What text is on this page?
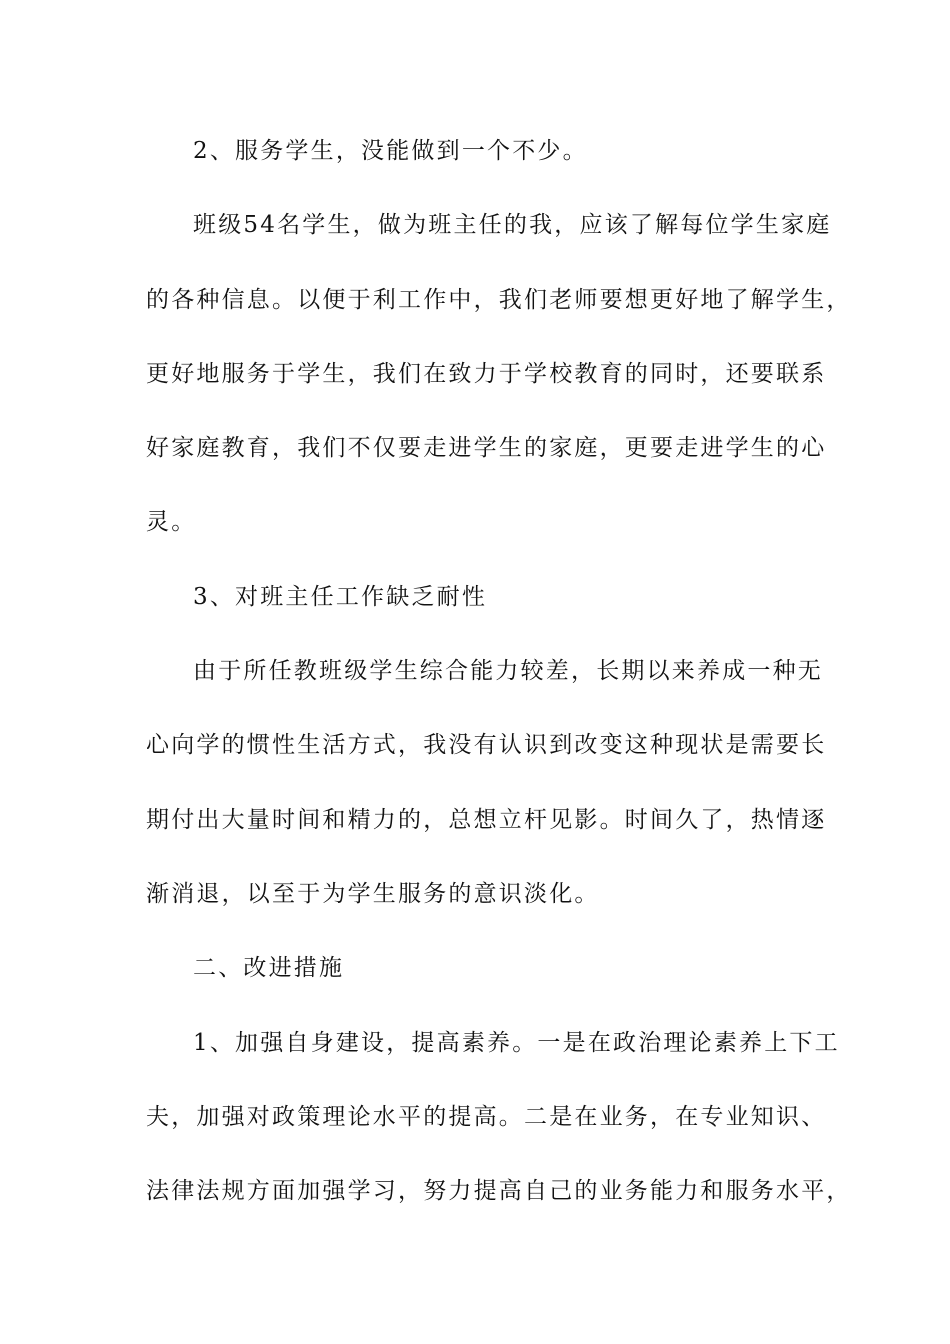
2、服务学生，没能做到一个不少。
班级54名学生，做为班主任的我，应该了解每位学生家庭
的各种信息。以便于利工作中，我们老师要想更好地了解学生，
更好地服务于学生，我们在致力于学校教育的同时，还要联系
好家庭教育，我们不仅要走进学生的家庭，更要走进学生的心
灵。
3、对班主任工作缺乏耐性
由于所任教班级学生综合能力较差，长期以来养成一种无
心向学的惯性生活方式，我没有认识到改变这种现状是需要长
期付出大量时间和精力的，总想立杆见影。时间久了，热情逐
渐消退，以至于为学生服务的意识淡化。
二、改进措施
1、加强自身建设，提高素养。一是在政治理论素养上下工
夫，加强对政策理论水平的提高。二是在业务，在专业知识、
法律法规方面加强学习，努力提高自己的业务能力和服务水平，
